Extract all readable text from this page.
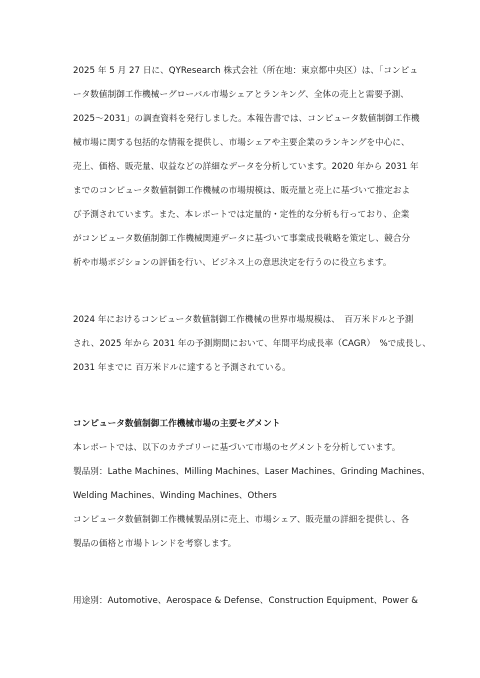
2025 年 5 月 27 日に、QYResearch 株式会社（所在地：東京都中央区）は、「コンピュ
ータ数値制御工作機械ーグローバル市場シェアとランキング、全体の売上と需要予測、
2025～2031」の調査資料を発行しました。本報告書では、コンピュータ数値制御工作機
械市場に関する包括的な情報を提供し、市場シェアや主要企業のランキングを中心に、
売上、価格、販売量、収益などの詳細なデータを分析しています。2020 年から 2031 年
までのコンピュータ数値制御工作機械の市場規模は、販売量と売上に基づいて推定およ
び予測されています。また、本レポートでは定量的・定性的な分析も行っており、企業
がコンピュータ数値制御工作機械関連データに基づいて事業成長戦略を策定し、競合分
析や市場ポジションの評価を行い、ビジネス上の意思決定を行うのに役立ちます。
2024 年におけるコンピュータ数値制御工作機械の世界市場規模は、　百万米ドルと予測
され、2025 年から 2031 年の予測期間において、年間平均成長率（CAGR）　%で成長し、
2031 年までに 百万米ドルに達すると予測されている。
コンピュータ数値制御工作機械市場の主要セグメント
本レポートでは、以下のカテゴリーに基づいて市場のセグメントを分析しています。
製品別：Lathe Machines、Milling Machines、Laser Machines、Grinding Machines、
Welding Machines、Winding Machines、Others
コンピュータ数値制御工作機械製品別に売上、市場シェア、販売量の詳細を提供し、各
製品の価格と市場トレンドを考察します。
用途別：Automotive、Aerospace & Defense、Construction Equipment、Power &
